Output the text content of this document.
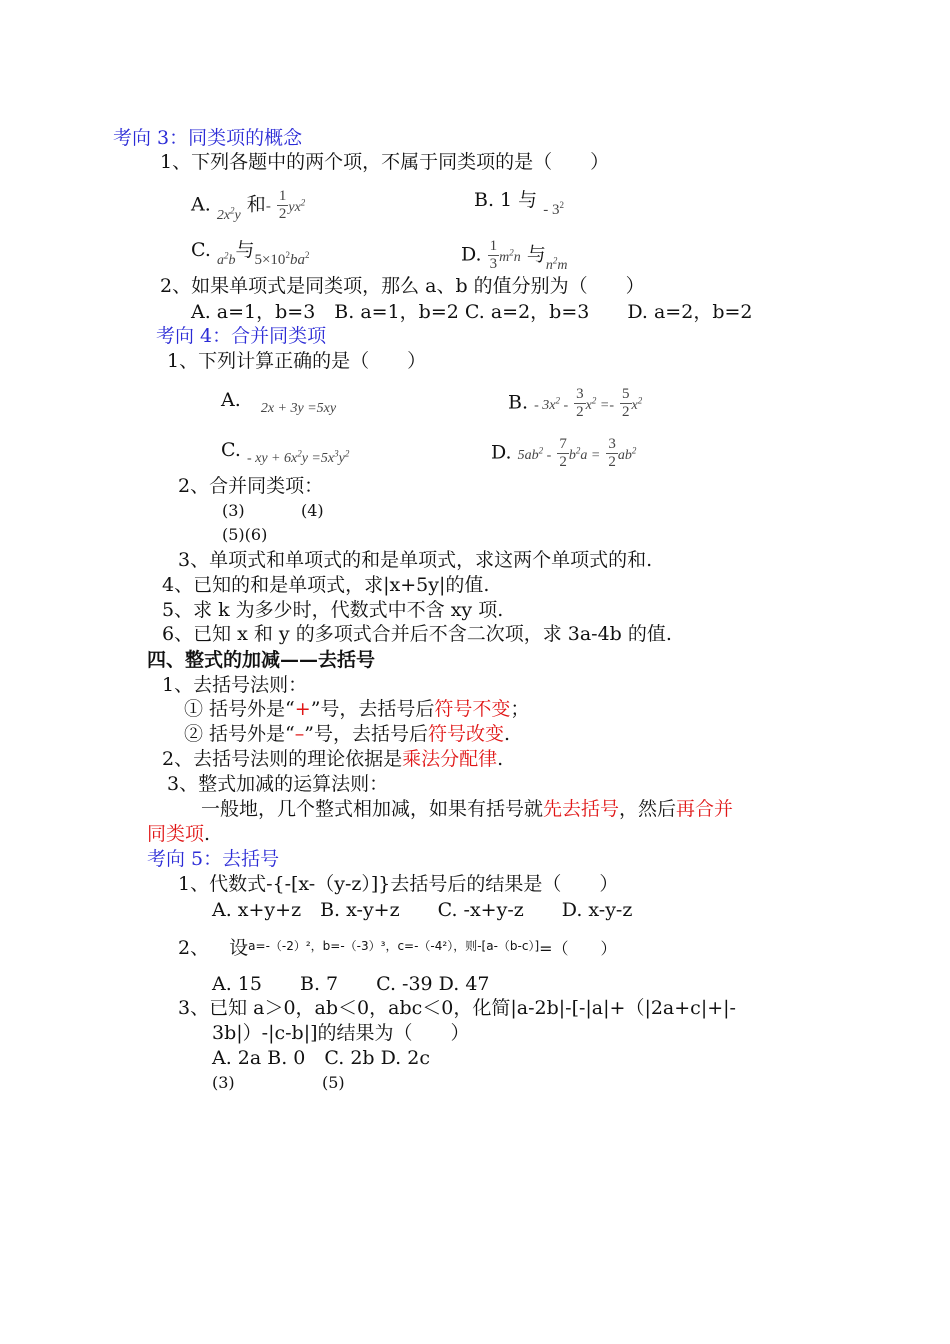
考向 3：同类项的概念
1、下列各题中的两个项，不属于同类项的是（　　）
A. $_{2x^2y}$ 和- $\frac{1}{2} yx^2$	B. 1 与 $_{- 3^2}$
C. $_{a^2b}$与$_{5\times 10^2ba^2}$	D. $\frac{1}{3} m^2n$ 与$_{n^2m}$
2、如果单项式是同类项，那么 a、b 的值分别为（　　）
A. a=1，b=3　B. a=1，b=2 C. a=2，b=3　　D. a=2，b=2
考向 4：合并同类项
1、下列计算正确的是（　　）
A. $_{2x + 3y =5xy}$	B. - $3x^2 - \frac{3}{2} x^2 =- \frac{5}{2} x^2$
C. $_{- xy + 6x^2y =5x^3y^2}$	D. $5ab^2 - \frac{7}{2} b^2a = \frac{3}{2} ab^2$
2、合并同类项：
(3)	(4)
(5)(6)
3、单项式和单项式的和是单项式，求这两个单项式的和.
4、已知的和是单项式，求|x+5y|的值.
5、求 k 为多少时，代数式中不含 xy 项.
6、已知 x 和 y 的多项式合并后不含二次项，求 3a-4b 的值.
四、整式的加减——去括号
1、去括号法则：
① 括号外是“+”号，去括号后符号不变；
② 括号外是“–”号，去括号后符号改变.
2、去括号法则的理论依据是乘法分配律.
3、整式加减的运算法则：
一般地，几个整式相加减，如果有括号就先去括号，然后再合并
同类项.
考向 5：去括号
1、代数式-{-[x-（y-z）]}去括号后的结果是（　　）
A. x+y+z　B. x-y+z　　C. -x+y-z　　D. x-y-z
2、 设$^{a=-(-2)^2,b=-(-3)^3,c=-(-4^2),则-[a-(b-c)]}$=（　　）
A. 15　　B. 7　　C. -39 D. 47
3、已知 a＞0，ab＜0，abc＜0，化简|a-2b|-[-|a|+（|2a+c|+|-
3b|）-|c-b|]的结果为（　　）
A. 2a B. 0　C. 2b D. 2c
(3)	(5)
